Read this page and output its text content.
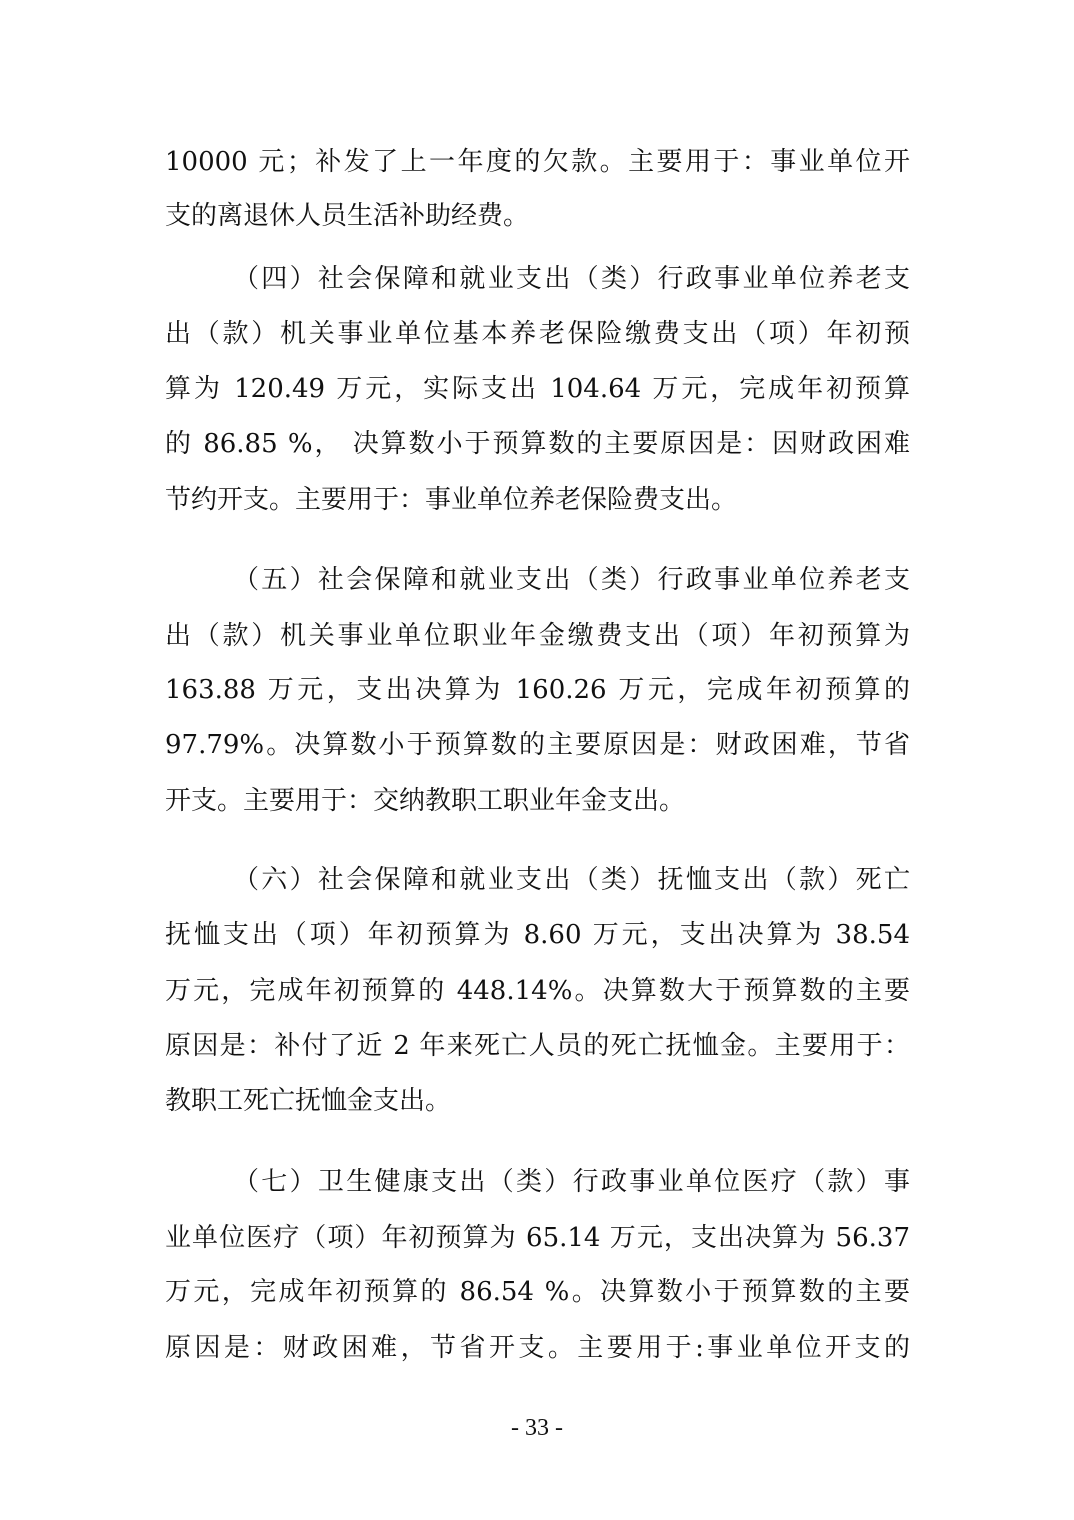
10000 元；补发了上一年度的欠款。主要用于：事业单位开
支的离退休人员生活补助经费。
（四）社会保障和就业支出（类）行政事业单位养老支
出（款）机关事业单位基本养老保险缴费支出（项）年初预
算为 120.49 万元，实际支出 104.64 万元，完成年初预算
的 86.85 %， 决算数小于预算数的主要原因是：因财政困难
节约开支。主要用于：事业单位养老保险费支出。
（五）社会保障和就业支出（类）行政事业单位养老支
出（款）机关事业单位职业年金缴费支出（项）年初预算为
163.88 万元，支出决算为 160.26 万元，完成年初预算的
97.79%。决算数小于预算数的主要原因是：财政困难，节省
开支。主要用于：交纳教职工职业年金支出。
（六）社会保障和就业支出（类）抚恤支出（款）死亡
抚恤支出（项）年初预算为 8.60 万元，支出决算为 38.54
万元，完成年初预算的 448.14%。决算数大于预算数的主要
原因是：补付了近 2 年来死亡人员的死亡抚恤金。主要用于：
教职工死亡抚恤金支出。
（七）卫生健康支出（类）行政事业单位医疗（款）事
业单位医疗（项）年初预算为 65.14 万元，支出决算为 56.37
万元，完成年初预算的 86.54 %。决算数小于预算数的主要
原因是：财政困难，节省开支。主要用于:事业单位开支的
- 33 -
